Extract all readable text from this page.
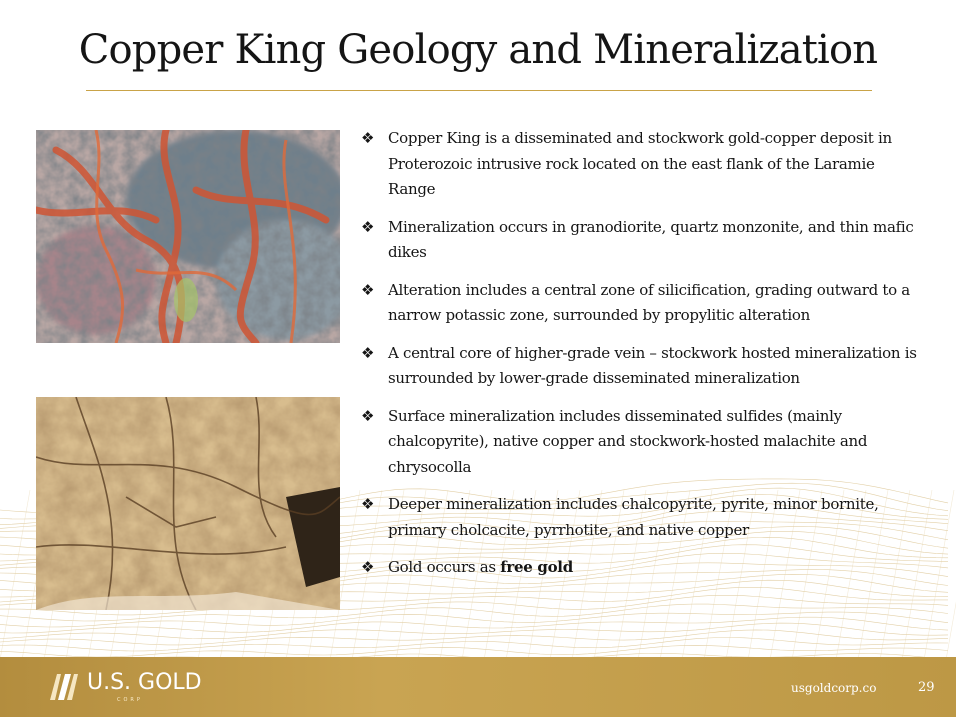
Copper King Geology and Mineralization
❖ Copper King is a disseminated and stockwork gold-copper deposit in Proterozoic intrusive rock located on the east flank of the Laramie Range
❖ Mineralization occurs in granodiorite, quartz monzonite, and thin mafic dikes
❖ Alteration includes a central zone of silicification, grading outward to a narrow potassic zone, surrounded by propylitic alteration
❖ A central core of higher-grade vein – stockwork hosted mineralization is surrounded by lower-grade disseminated mineralization
❖ Surface mineralization includes disseminated sulfides (mainly chalcopyrite), native copper and stockwork-hosted malachite and chrysocolla
❖ Deeper mineralization includes chalcopyrite, pyrite, minor bornite, primary cholcacite, pyrrhotite, and native copper
❖ Gold occurs as free gold
U.S. GOLD
CORP
usgoldcorp.co	29
